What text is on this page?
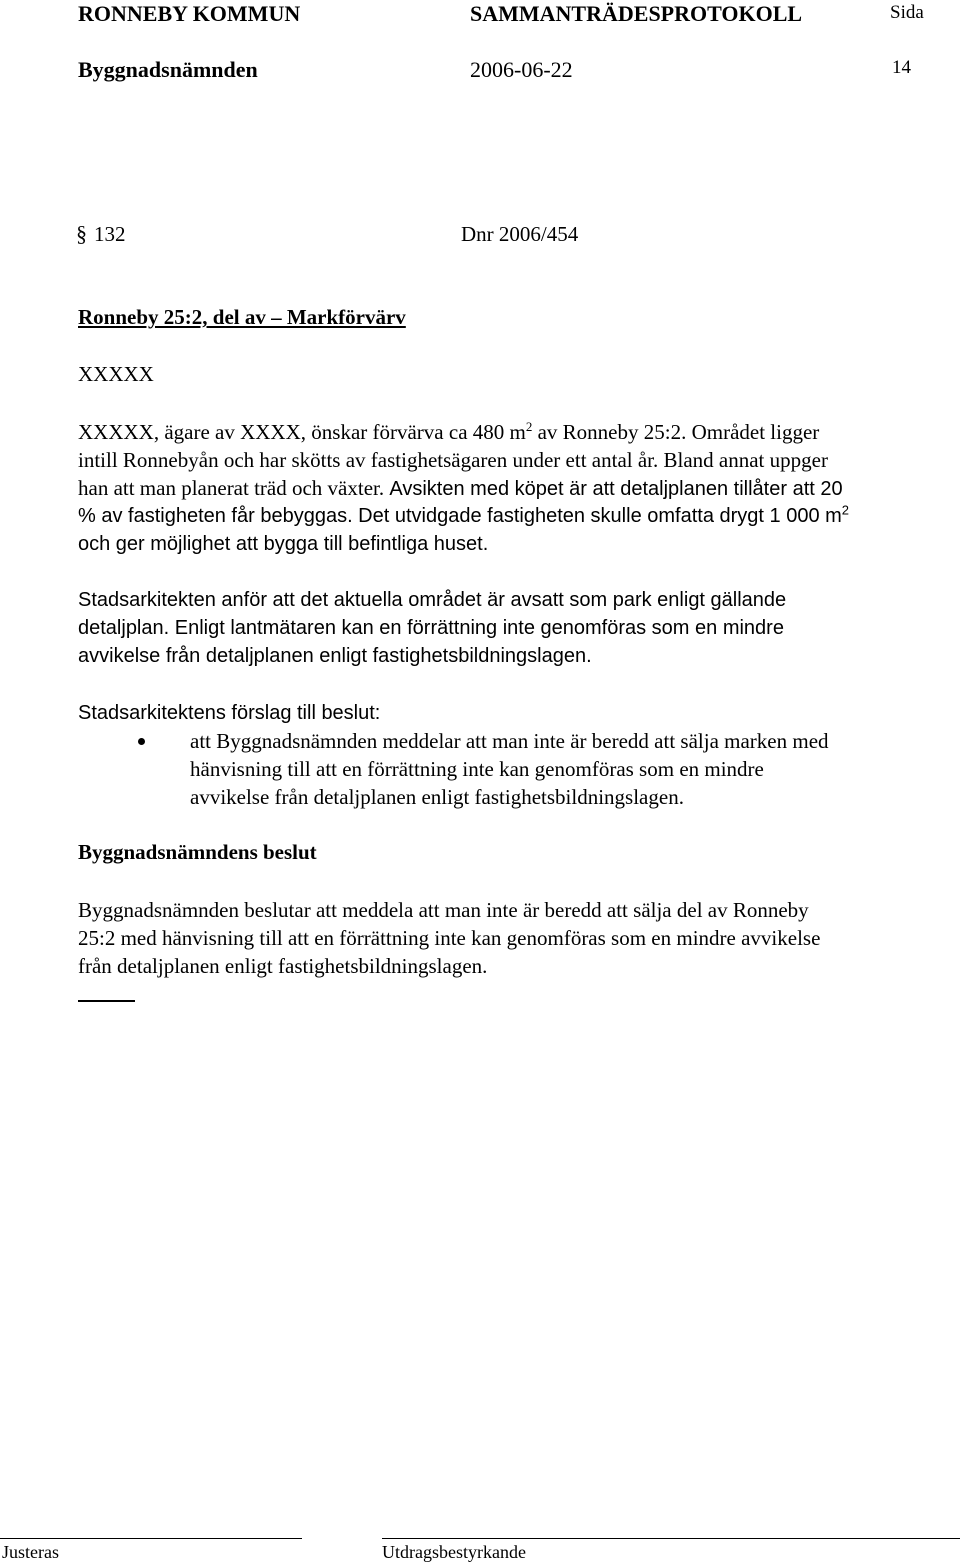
RONNEBY KOMMUN	SAMMANTRÄDESPROTOKOLL	Sida
Byggnadsnämnden	2006-06-22	14
§ 132	Dnr 2006/454
Ronneby 25:2, del av – Markförvärv
XXXXX
XXXXX, ägare av XXXX, önskar förvärva ca 480 $m^2$ av Ronneby 25:2. Området ligger
intill Ronnebyån och har skötts av fastighetsägaren under ett antal år. Bland annat uppger
han att man planerat träd och växter. Avsikten med köpet är att detaljplanen tillåter att 20
% av fastigheten får bebyggas. Det utvidgade fastigheten skulle omfatta drygt 1 000 $m^2$
och ger möjlighet att bygga till befintliga huset.
Stadsarkitekten anför att det aktuella området är avsatt som park enligt gällande
detaljplan. Enligt lantmätaren kan en förrättning inte genomföras som en mindre
avvikelse från detaljplanen enligt fastighetsbildningslagen.
Stadsarkitektens förslag till beslut:
att Byggnadsnämnden meddelar att man inte är beredd att sälja marken med
hänvisning till att en förrättning inte kan genomföras som en mindre
avvikelse från detaljplanen enligt fastighetsbildningslagen.
Byggnadsnämndens beslut
Byggnadsnämnden beslutar att meddela att man inte är beredd att sälja del av Ronneby
25:2 med hänvisning till att en förrättning inte kan genomföras som en mindre avvikelse
från detaljplanen enligt fastighetsbildningslagen.
Justeras	Utdragsbestyrkande
